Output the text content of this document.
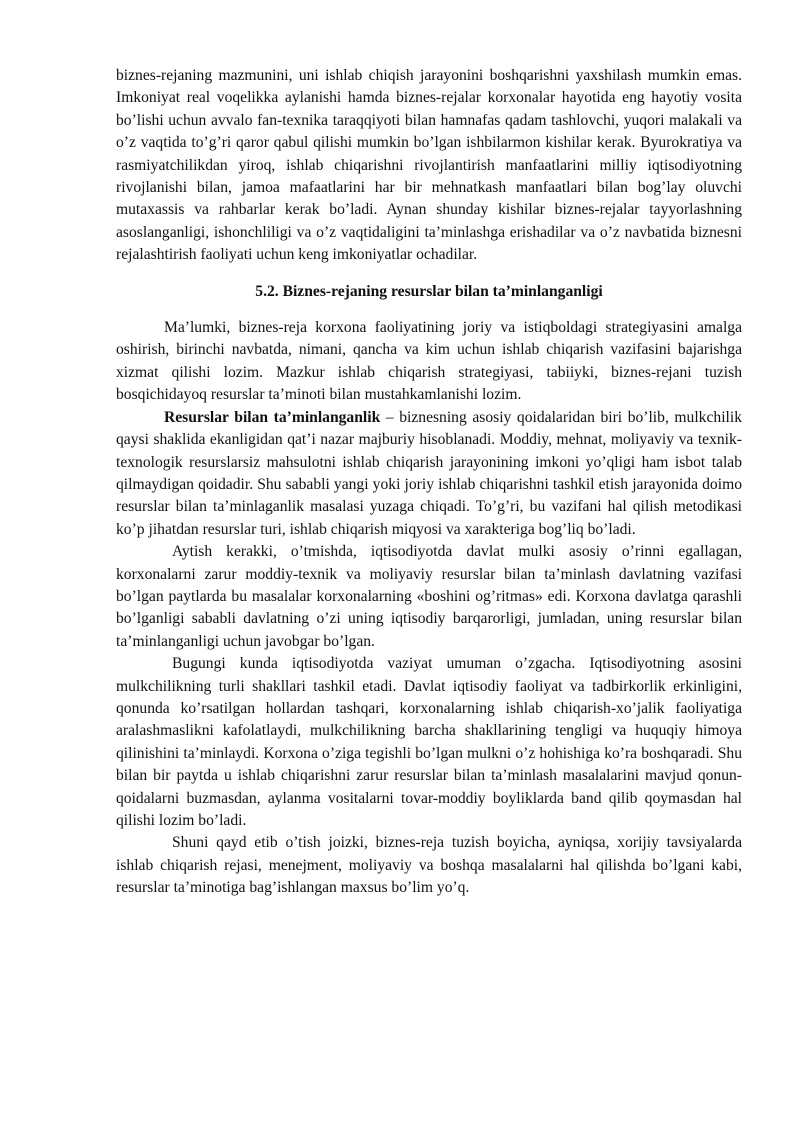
biznes-rejaning mazmunini, uni ishlab chiqish jarayonini boshqarishni yaxshilash mumkin emas. Imkoniyat real voqelikka aylanishi hamda biznes-rejalar korxonalar hayotida eng hayotiy vosita bo’lishi uchun avvalo fan-texnika taraqqiyoti bilan hamnafas qadam tashlovchi, yuqori malakali va o’z vaqtida to’g’ri qaror qabul qilishi mumkin bo’lgan ishbilarmon kishilar kerak. Byurokratiya va rasmiyatchilikdan yiroq, ishlab chiqarishni rivojlantirish manfaatlarini milliy iqtisodiyotning rivojlanishi bilan, jamoa mafaatlarini har bir mehnatkash manfaatlari bilan bog’lay oluvchi mutaxassis va rahbarlar kerak bo’ladi. Aynan shunday kishilar biznes-rejalar tayyorlashning asoslanganligi, ishonchliligi va o’z vaqtidaligini ta’minlashga erishadilar va o’z navbatida biznesni rejalashtirish faoliyati uchun keng imkoniyatlar ochadilar.

5.2. Biznes-rejaning resurslar bilan ta’minlanganligi

Ma’lumki, biznes-reja korxona faoliyatining joriy va istiqboldagi strategiyasini amalga oshirish, birinchi navbatda, nimani, qancha va kim uchun ishlab chiqarish vazifasini bajarishga xizmat qilishi lozim. Mazkur ishlab chiqarish strategiyasi, tabiiyki, biznes-rejani tuzish bosqichidayoq resurslar ta’minoti bilan mustahkamlanishi lozim.

Resurslar bilan ta’minlanganlik – biznesning asosiy qoidalaridan biri bo’lib, mulkchilik qaysi shaklida ekanligidan qat’i nazar majburiy hisoblanadi. Moddiy, mehnat, moliyaviy va texnik-texnologik resurslarsiz mahsulotni ishlab chiqarish jarayonining imkoni yo’qligi ham isbot talab qilmaydigan qoidadir. Shu sababli yangi yoki joriy ishlab chiqarishni tashkil etish jarayonida doimo resurslar bilan ta’minlaganlik masalasi yuzaga chiqadi. To’g’ri, bu vazifani hal qilish metodikasi ko’p jihatdan resurslar turi, ishlab chiqarish miqyosi va xarakteriga bog’liq bo’ladi.

Aytish kerakki, o’tmishda, iqtisodiyotda davlat mulki asosiy o’rinni egallagan, korxonalarni zarur moddiy-texnik va moliyaviy resurslar bilan ta’minlash davlatning vazifasi bo’lgan paytlarda bu masalalar korxonalarning «boshini og’ritmas» edi. Korxona davlatga qarashli bo’lganligi sababli davlatning o’zi uning iqtisodiy barqarorligi, jumladan, uning resurslar bilan ta’minlanganligi uchun javobgar bo’lgan.

Bugungi kunda iqtisodiyotda vaziyat umuman o’zgacha. Iqtisodiyotning asosini mulkchilikning turli shakllari tashkil etadi. Davlat iqtisodiy faoliyat va tadbirkorlik erkinligini, qonunda ko’rsatilgan hollardan tashqari, korxonalarning ishlab chiqarish-xo’jalik faoliyatiga aralashmaslikni kafolatlaydi, mulkchilikning barcha shakllarining tengligi va huquqiy himoya qilinishini ta’minlaydi. Korxona o’ziga tegishli bo’lgan mulkni o’z hohishiga ko’ra boshqaradi. Shu bilan bir paytda u ishlab chiqarishni zarur resurslar bilan ta’minlash masalalarini mavjud qonun-qoidalarni buzmasdan, aylanma vositalarni tovar-moddiy boyliklarda band qilib qoymasdan hal qilishi lozim bo’ladi.

Shuni qayd etib o’tish joizki, biznes-reja tuzish boyicha, ayniqsa, xorijiy tavsiyalarda ishlab chiqarish rejasi, menejment, moliyaviy va boshqa masalalarni hal qilishda bo’lgani kabi, resurslar ta’minotiga bag’ishlangan maxsus bo’lim yo’q.
